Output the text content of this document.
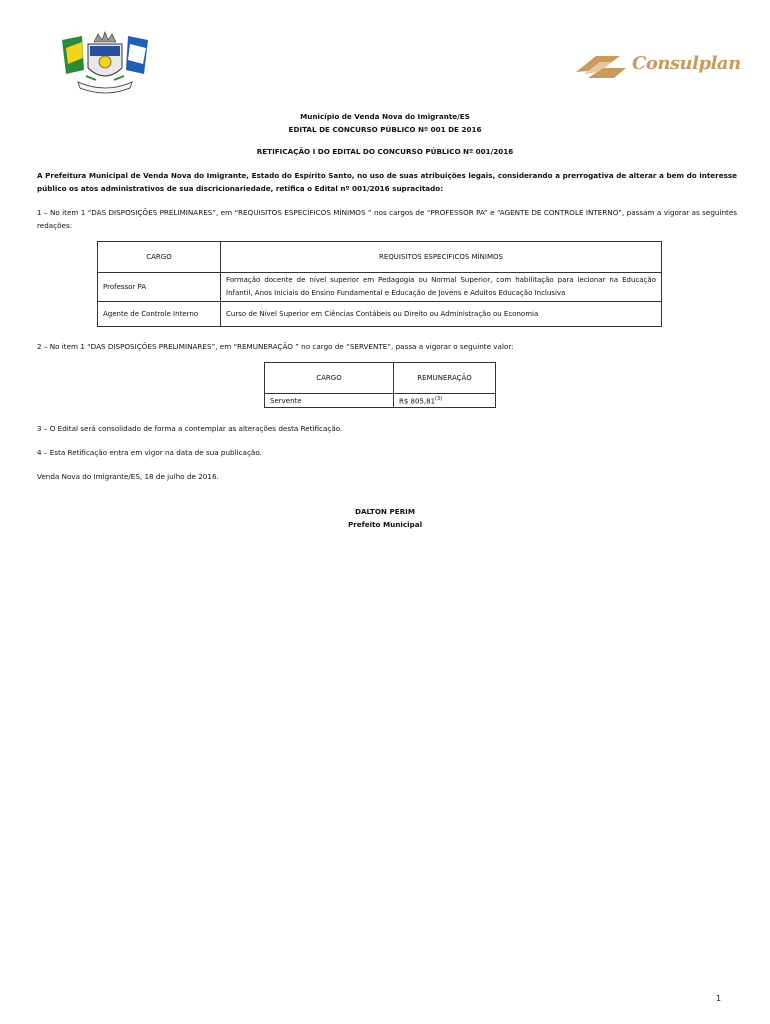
Consulplan
Município de Venda Nova do Imigrante/ES
EDITAL DE CONCURSO PÚBLICO Nº 001 DE 2016
RETIFICAÇÃO I DO EDITAL DO CONCURSO PÚBLICO Nº 001/2016
A Prefeitura Municipal de Venda Nova do Imigrante, Estado do Espírito Santo, no uso de suas atribuições legais, considerando a prerrogativa de alterar a bem do interesse público os atos administrativos de sua discricionariedade, retifica o Edital nº 001/2016 supracitado:
1 – No item 1 “DAS DISPOSIÇÕES PRELIMINARES”, em “REQUISITOS ESPECÍFICOS MÍNIMOS ” nos cargos de “PROFESSOR PA” e “AGENTE DE CONTROLE INTERNO”, passam a vigorar as seguintes redações:
CARGO	REQUISITOS ESPECÍFICOS MÍNIMOS
Professor PA	Formação docente de nível superior em Pedagogia ou Normal Superior, com habilitação para lecionar na Educação Infantil, Anos Iniciais do Ensino Fundamental e Educação de Jovens e Adultos Educação Inclusiva
Agente de Controle Interno	Curso de Nível Superior em Ciências Contábeis ou Direito ou Administração ou Economia
2 – No item 1 “DAS DISPOSIÇÕES PRELIMINARES”, em “REMUNERAÇÃO ” no cargo de “SERVENTE”, passa a vigorar o seguinte valor:
CARGO	REMUNERAÇÃO
Servente	R$ 805,81$^{(3)}$
3 – O Edital será consolidado de forma a contemplar as alterações desta Retificação.
4 – Esta Retificação entra em vigor na data de sua publicação.
Venda Nova do Imigrante/ES, 18 de julho de 2016.
DALTON PERIM
Prefeito Municipal
1
